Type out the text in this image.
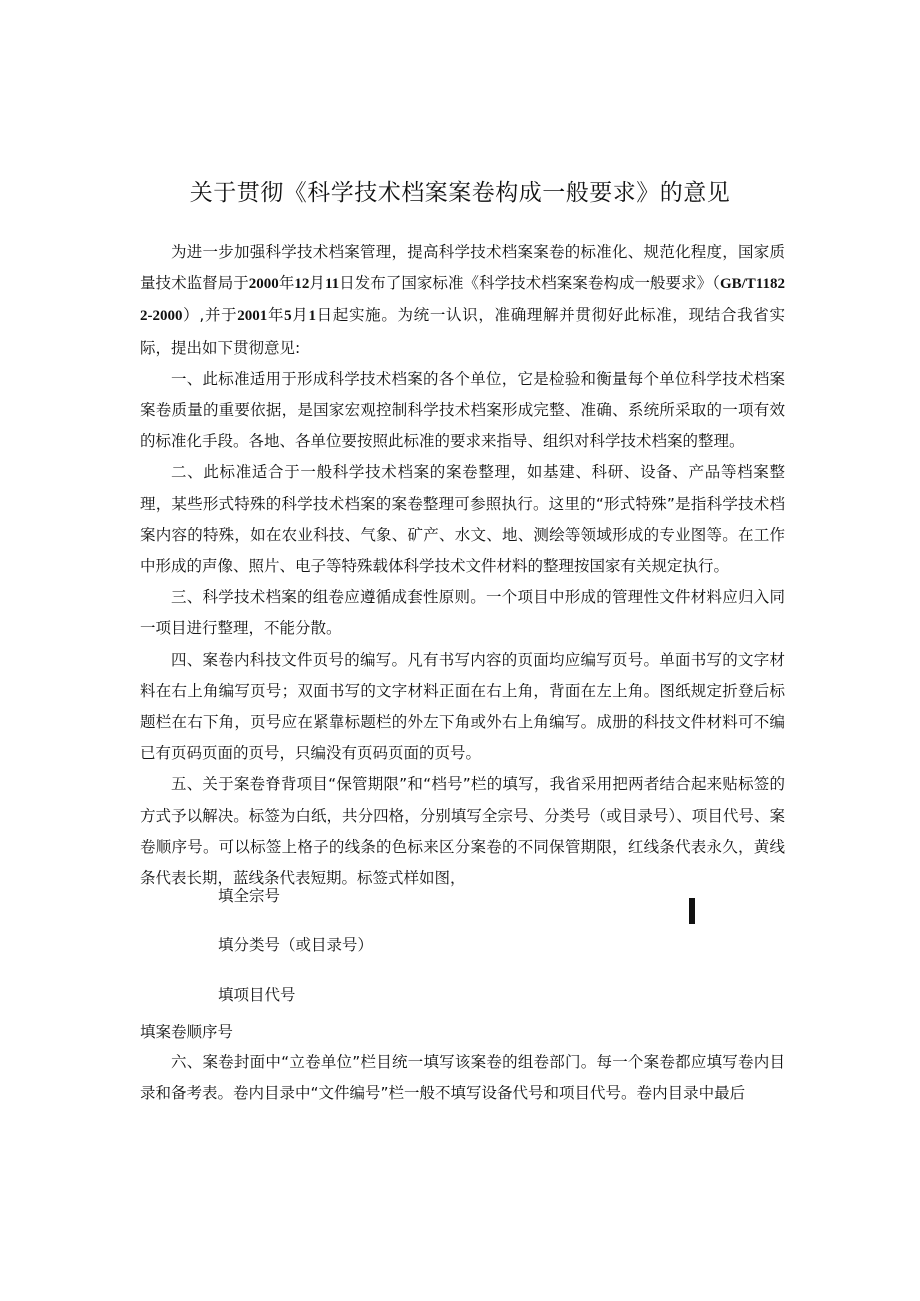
关于贯彻《科学技术档案案卷构成一般要求》的意见

为进一步加强科学技术档案管理，提高科学技术档案案卷的标准化、规范化程度，国家质量技术监督局于2000年12月11日发布了国家标准《科学技术档案案卷构成一般要求》（GB/T11822-2000）,并于2001年5月1日起实施。为统一认识，准确理解并贯彻好此标准，现结合我省实际，提出如下贯彻意见:

一、此标准适用于形成科学技术档案的各个单位，它是检验和衡量每个单位科学技术档案案卷质量的重要依据，是国家宏观控制科学技术档案形成完整、准确、系统所采取的一项有效的标准化手段。各地、各单位要按照此标准的要求来指导、组织对科学技术档案的整理。

二、此标准适合于一般科学技术档案的案卷整理，如基建、科研、设备、产品等档案整理，某些形式特殊的科学技术档案的案卷整理可参照执行。这里的“形式特殊”是指科学技术档案内容的特殊，如在农业科技、气象、矿产、水文、地、测绘等领域形成的专业图等。在工作中形成的声像、照片、电子等特殊载体科学技术文件材料的整理按国家有关规定执行。

三、科学技术档案的组卷应遵循成套性原则。一个项目中形成的管理性文件材料应归入同一项目进行整理，不能分散。

四、案卷内科技文件页号的编写。凡有书写内容的页面均应编写页号。单面书写的文字材料在右上角编写页号；双面书写的文字材料正面在右上角，背面在左上角。图纸规定折登后标题栏在右下角，页号应在紧靠标题栏的外左下角或外右上角编写。成册的科技文件材料可不编已有页码页面的页号，只编没有页码页面的页号。

五、关于案卷脊背项目“保管期限”和“档号”栏的填写，我省采用把两者结合起来贴标签的方式予以解决。标签为白纸，共分四格，分别填写全宗号、分类号（或目录号）、项目代号、案卷顺序号。可以标签上格子的线条的色标来区分案卷的不同保管期限，红线条代表永久，黄线条代表长期，蓝线条代表短期。标签式样如图，

填全宗号

填分类号（或目录号）

填项目代号

填案卷顺序号

六、案卷封面中“立卷单位”栏目统一填写该案卷的组卷部门。每一个案卷都应填写卷内目录和备考表。卷内目录中“文件编号”栏一般不填写设备代号和项目代号。卷内目录中最后
